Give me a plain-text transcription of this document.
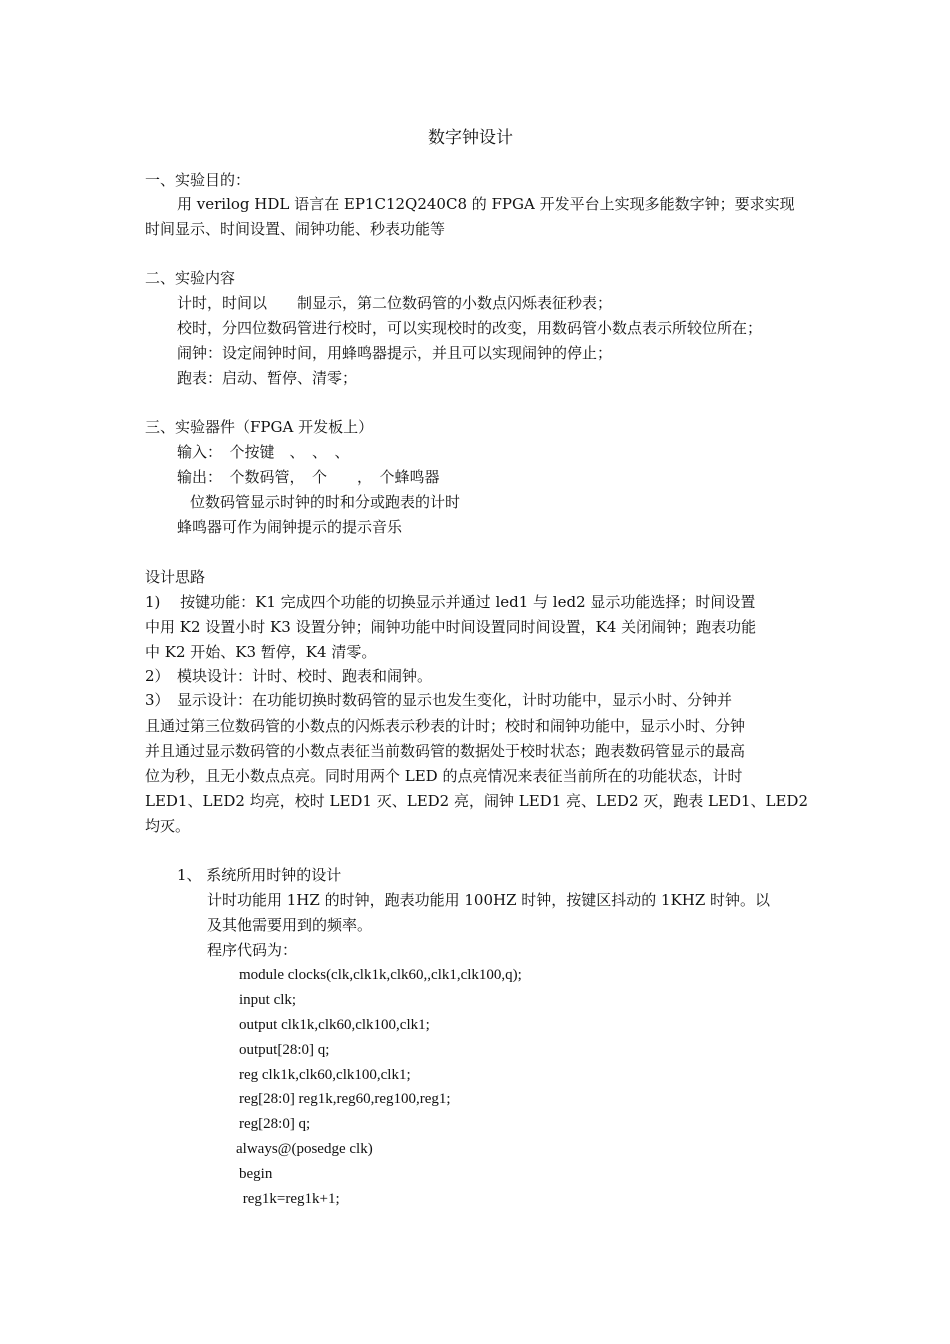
数字钟设计
一、实验目的：
用 verilog HDL 语言在 EP1C12Q240C8 的 FPGA 开发平台上实现多能数字钟；要求实现
时间显示、时间设置、闹钟功能、秒表功能等
二、实验内容
计时，时间以　　制显示，第二位数码管的小数点闪烁表征秒表；
校时，分四位数码管进行校时，可以实现校时的改变，用数码管小数点表示所较位所在；
闹钟：设定闹钟时间，用蜂鸣器提示，并且可以实现闹钟的停止；
跑表：启动、暂停、清零；
三、实验器件（FPGA 开发板上）
输入：　个按键　、　、　、
输出：　个数码管，　个　　，　个蜂鸣器
位数码管显示时钟的时和分或跑表的计时
蜂鸣器可作为闹钟提示的提示音乐
设计思路
1)　 按键功能：K1 完成四个功能的切换显示并通过 led1 与 led2 显示功能选择；时间设置
中用 K2 设置小时 K3 设置分钟；闹钟功能中时间设置同时间设置，K4 关闭闹钟；跑表功能
中 K2 开始、K3 暂停，K4 清零。
2）　模块设计：计时、校时、跑表和闹钟。
3）　显示设计：在功能切换时数码管的显示也发生变化，计时功能中，显示小时、分钟并
且通过第三位数码管的小数点的闪烁表示秒表的计时；校时和闹钟功能中，显示小时、分钟
并且通过显示数码管的小数点表征当前数码管的数据处于校时状态；跑表数码管显示的最高
位为秒，且无小数点点亮。同时用两个 LED 的点亮情况来表征当前所在的功能状态，计时
LED1、LED2 均亮，校时 LED1 灭、LED2 亮，闹钟 LED1 亮、LED2 灭，跑表 LED1、LED2
均灭。
1、 系统所用时钟的设计
计时功能用 1HZ 的时钟，跑表功能用 100HZ 时钟，按键区抖动的 1KHZ 时钟。以
及其他需要用到的频率。
程序代码为：
module clocks(clk,clk1k,clk60,,clk1,clk100,q);
input clk;
output clk1k,clk60,clk100,clk1;
output[28:0] q;
reg clk1k,clk60,clk100,clk1;
reg[28:0] reg1k,reg60,reg100,reg1;
reg[28:0] q;
always@(posedge clk)
begin
reg1k=reg1k+1;
